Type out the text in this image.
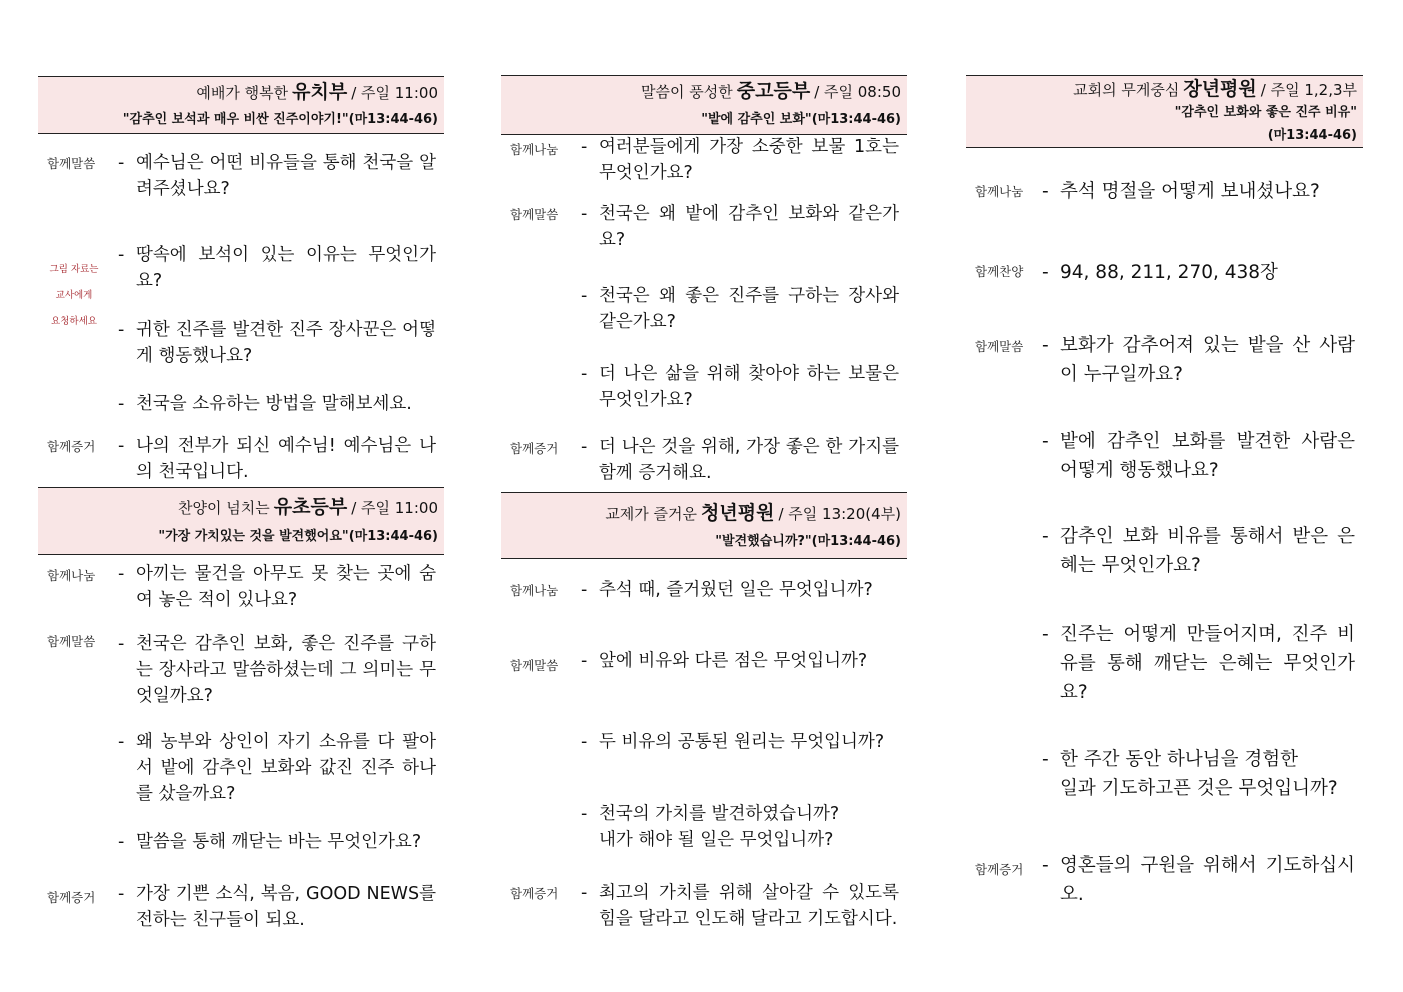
예배가 행복한 유치부 / 주일 11:00
"감추인 보석과 매우 비싼 진주이야기!"(마13:44-46)
함께말씀 - 예수님은 어떤 비유들을 통해 천국을 알려주셨나요?
그림 자료는
교사에게
요청하세요
- 땅속에 보석이 있는 이유는 무엇인가요?
- 귀한 진주를 발견한 진주 장사꾼은 어떻게 행동했나요?
- 천국을 소유하는 방법을 말해보세요.
함께증거 - 나의 전부가 되신 예수님! 예수님은 나의 천국입니다.
찬양이 넘치는 유초등부 / 주일 11:00
"가장 가치있는 것을 발견했어요"(마13:44-46)
함께나눔 - 아끼는 물건을 아무도 못 찾는 곳에 숨여 놓은 적이 있나요?
함께말씀 - 천국은 감추인 보화, 좋은 진주를 구하는 장사라고 말씀하셨는데 그 의미는 무엇일까요?
- 왜 농부와 상인이 자기 소유를 다 팔아서 밭에 감추인 보화와 값진 진주 하나를 샀을까요?
- 말씀을 통해 깨닫는 바는 무엇인가요?
함께증거 - 가장 기쁜 소식, 복음, GOOD NEWS를 전하는 친구들이 되요.
말씀이 풍성한 중고등부 / 주일 08:50
"밭에 감추인 보화"(마13:44-46)
함께나눔 - 여러분들에게 가장 소중한 보물 1호는 무엇인가요?
함께말씀 - 천국은 왜 밭에 감추인 보화와 같은가요?
- 천국은 왜 좋은 진주를 구하는 장사와 같은가요?
- 더 나은 삶을 위해 찾아야 하는 보물은 무엇인가요?
함께증거 - 더 나은 것을 위해, 가장 좋은 한 가지를 함께 증거해요.
교제가 즐거운 청년평원 / 주일 13:20(4부)
"발견했습니까?"(마13:44-46)
함께나눔 - 추석 때, 즐거웠던 일은 무엇입니까?
함께말씀 - 앞에 비유와 다른 점은 무엇입니까?
- 두 비유의 공통된 원리는 무엇입니까?
- 천국의 가치를 발견하였습니까?
내가 해야 될 일은 무엇입니까?
함께증거 - 최고의 가치를 위해 살아갈 수 있도록 힘을 달라고 인도해 달라고 기도합시다.
교회의 무게중심 장년평원 / 주일 1,2,3부
"감추인 보화와 좋은 진주 비유"
(마13:44-46)
함께나눔 - 추석 명절을 어떻게 보내셨나요?
함께찬양 - 94, 88, 211, 270, 438장
함께말씀 - 보화가 감추어져 있는 밭을 산 사람이 누구일까요?
- 밭에 감추인 보화를 발견한 사람은 어떻게 행동했나요?
- 감추인 보화 비유를 통해서 받은 은혜는 무엇인가요?
- 진주는 어떻게 만들어지며, 진주 비유를 통해 깨닫는 은혜는 무엇인가요?
- 한 주간 동안 하나님을 경험한
일과 기도하고픈 것은 무엇입니까?
함께증거 - 영혼들의 구원을 위해서 기도하십시오.
